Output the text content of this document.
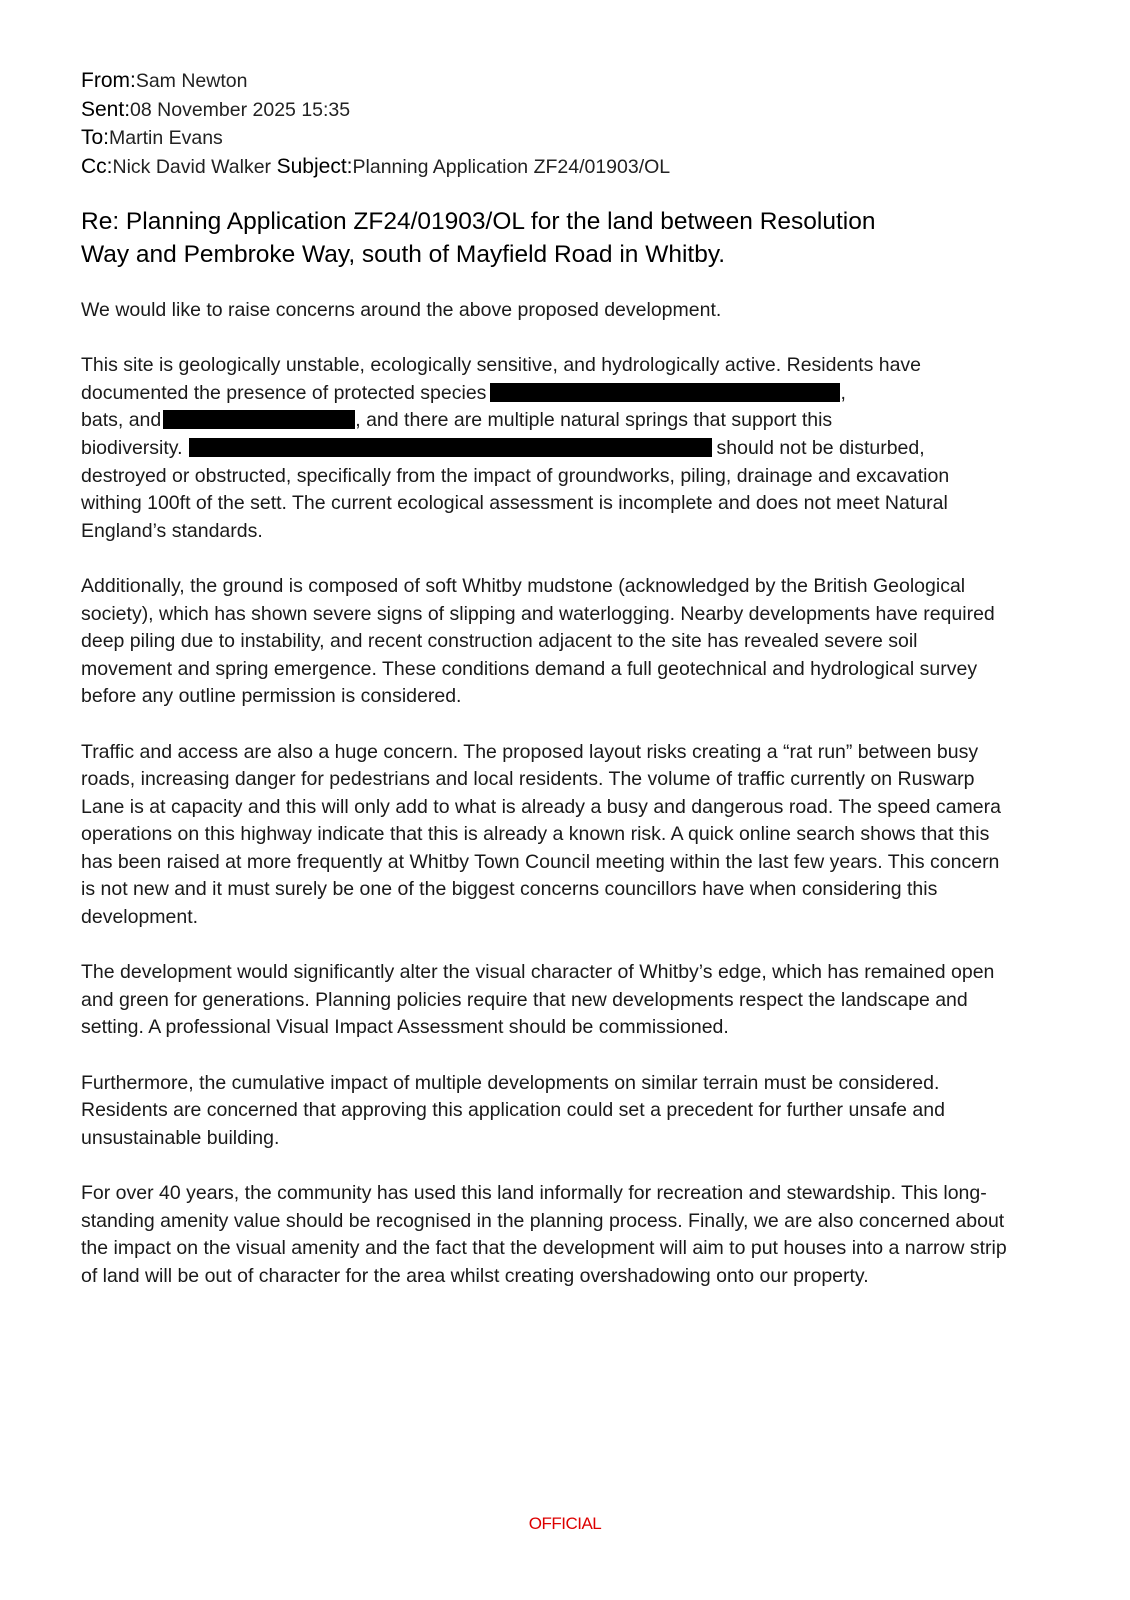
From:Sam Newton
Sent:08 November 2025 15:35
To:Martin Evans
Cc:Nick David Walker Subject:Planning Application ZF24/01903/OL
Re: Planning Application ZF24/01903/OL for the land between Resolution
Way and Pembroke Way, south of Mayfield Road in Whitby.

We would like to raise concerns around the above proposed development.

This site is geologically unstable, ecologically sensitive, and hydrologically active. Residents have documented the presence of protected species	,
bats, and	, and there are multiple natural springs that support this
biodiversity.	should not be disturbed,
destroyed or obstructed, specifically from the impact of groundworks, piling, drainage and excavation withing 100ft of the sett. The current ecological assessment is incomplete and does not meet Natural England’s standards.

Additionally, the ground is composed of soft Whitby mudstone (acknowledged by the British Geological society), which has shown severe signs of slipping and waterlogging. Nearby developments have required deep piling due to instability, and recent construction adjacent to the site has revealed severe soil movement and spring emergence. These conditions demand a full geotechnical and hydrological survey before any outline permission is considered.

Traffic and access are also a huge concern. The proposed layout risks creating a “rat run” between busy roads, increasing danger for pedestrians and local residents. The volume of traffic currently on Ruswarp Lane is at capacity and this will only add to what is already a busy and dangerous road. The speed camera operations on this highway indicate that this is already a known risk. A quick online search shows that this has been raised at more frequently at Whitby Town Council meeting within the last few years. This concern is not new and it must surely be one of the biggest concerns councillors have when considering this development.

The development would significantly alter the visual character of Whitby’s edge, which has remained open and green for generations. Planning policies require that new developments respect the landscape and setting. A professional Visual Impact Assessment should be commissioned.

Furthermore, the cumulative impact of multiple developments on similar terrain must be considered. Residents are concerned that approving this application could set a precedent for further unsafe and unsustainable building.

For over 40 years, the community has used this land informally for recreation and stewardship. This long-standing amenity value should be recognised in the planning process. Finally, we are also concerned about the impact on the visual amenity and the fact that the development will aim to put houses into a narrow strip of land will be out of character for the area whilst creating overshadowing onto our property.

OFFICIAL
